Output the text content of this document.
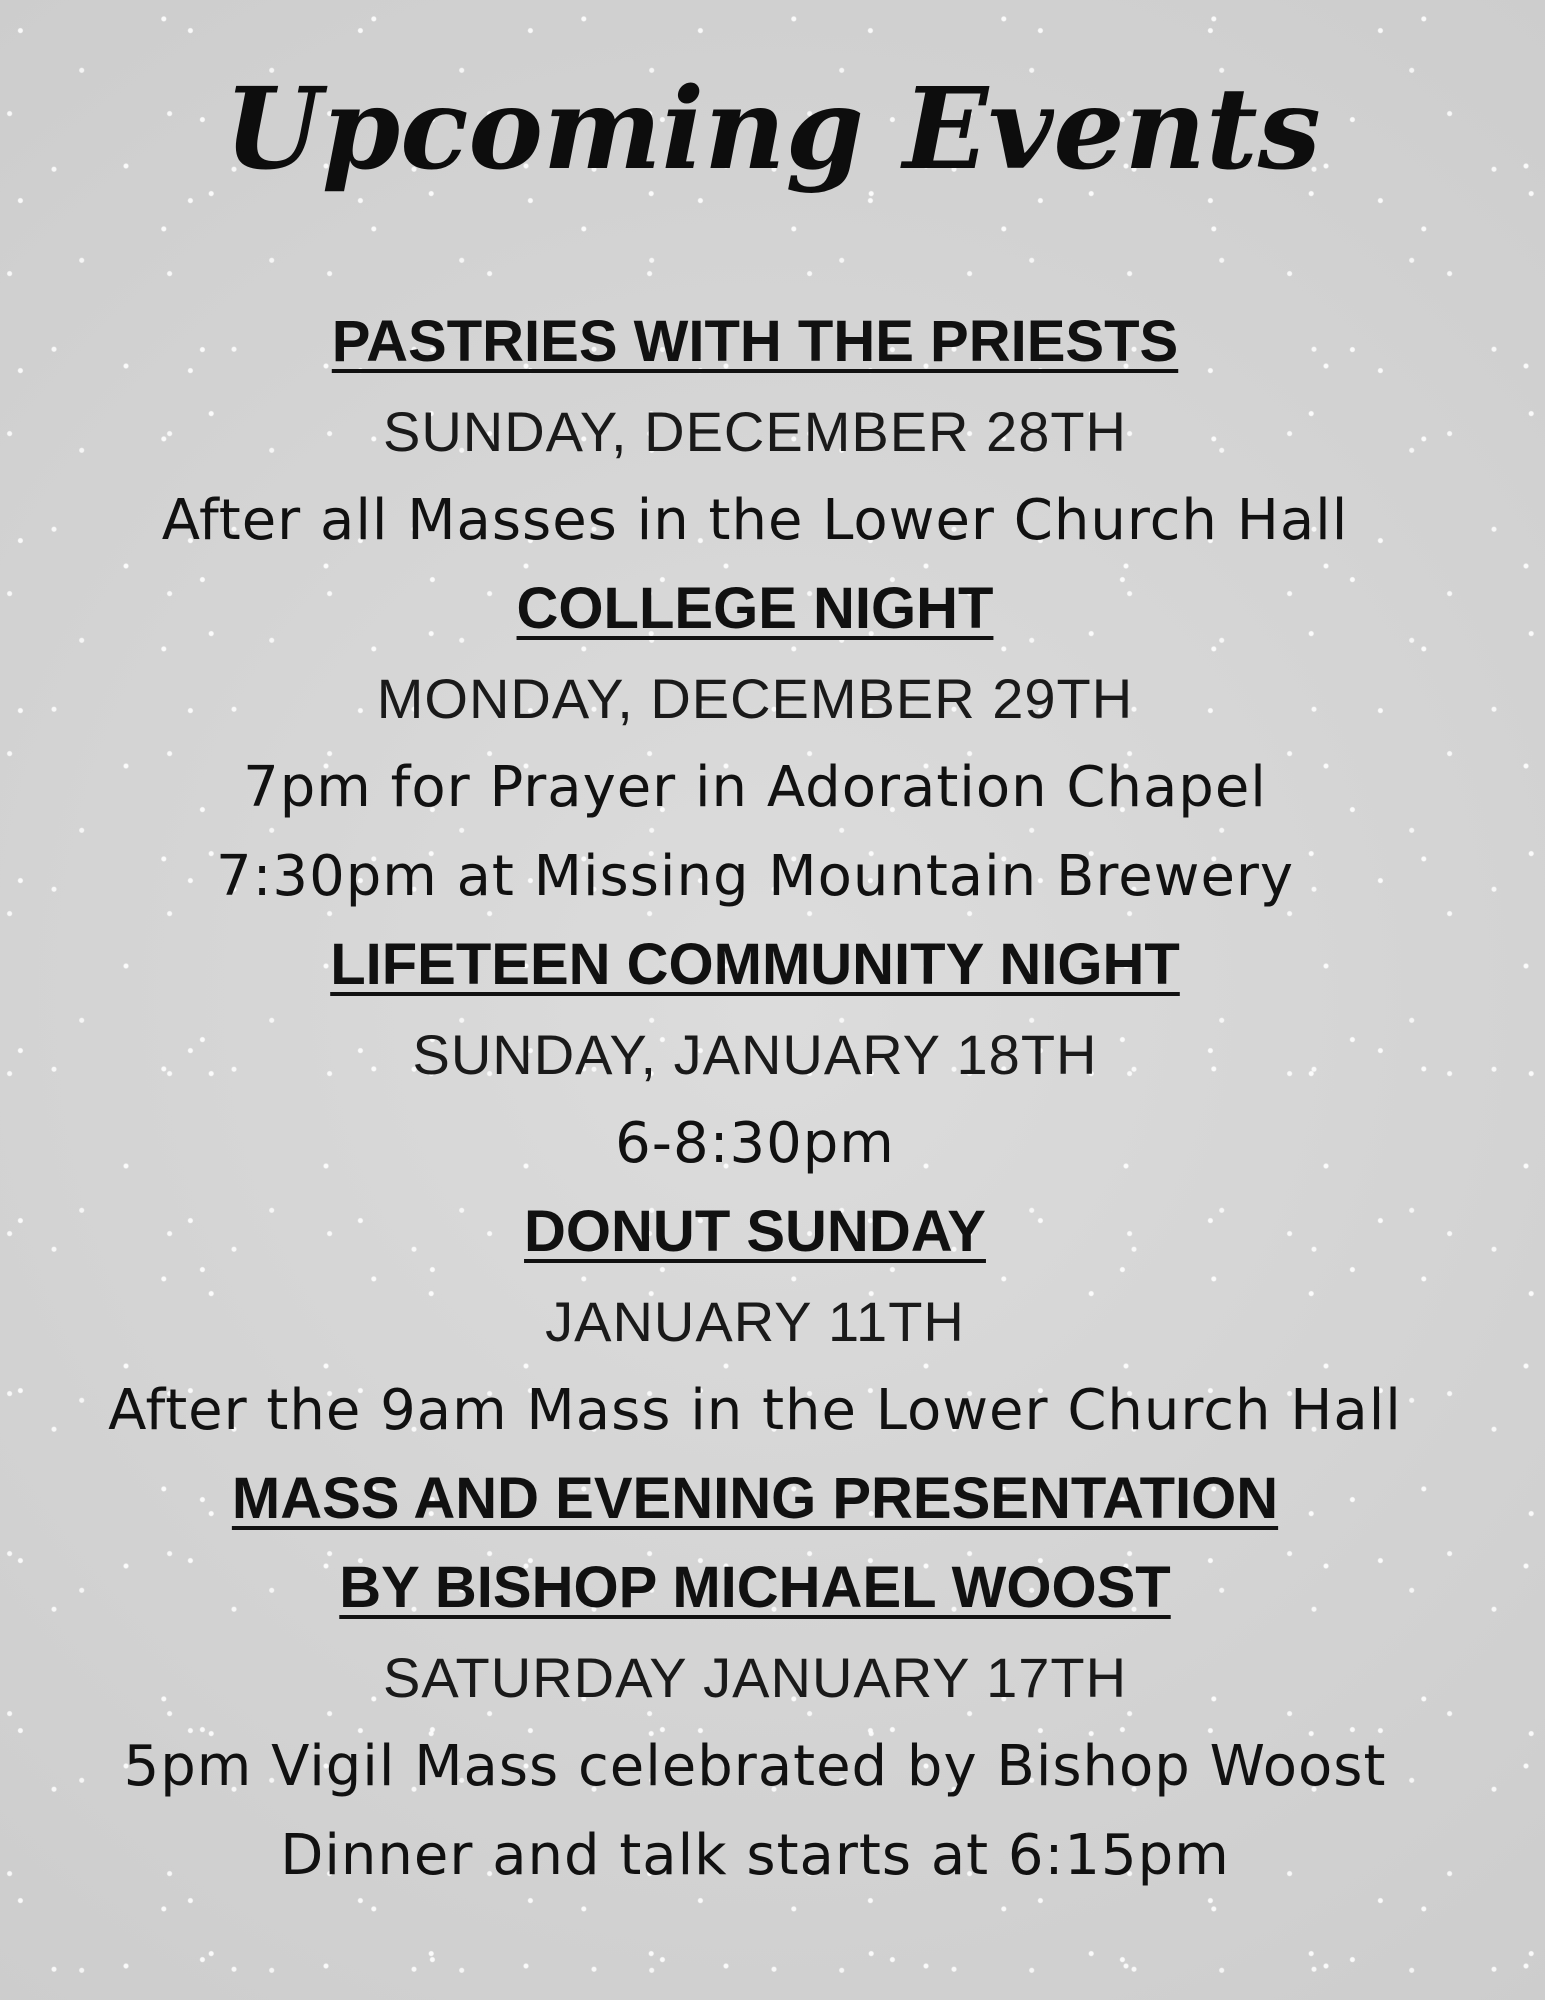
Upcoming Events
PASTRIES WITH THE PRIESTS
SUNDAY, DECEMBER 28TH
After all Masses in the Lower Church Hall
COLLEGE NIGHT
MONDAY, DECEMBER 29TH
7pm for Prayer in Adoration Chapel
7:30pm at Missing Mountain Brewery
LIFETEEN COMMUNITY NIGHT
SUNDAY, JANUARY 18TH
6-8:30pm
DONUT SUNDAY
JANUARY 11TH
After the 9am Mass in the Lower Church Hall
MASS AND EVENING PRESENTATION
BY BISHOP MICHAEL WOOST
SATURDAY JANUARY 17TH
5pm Vigil Mass celebrated by Bishop Woost
Dinner and talk starts at 6:15pm
